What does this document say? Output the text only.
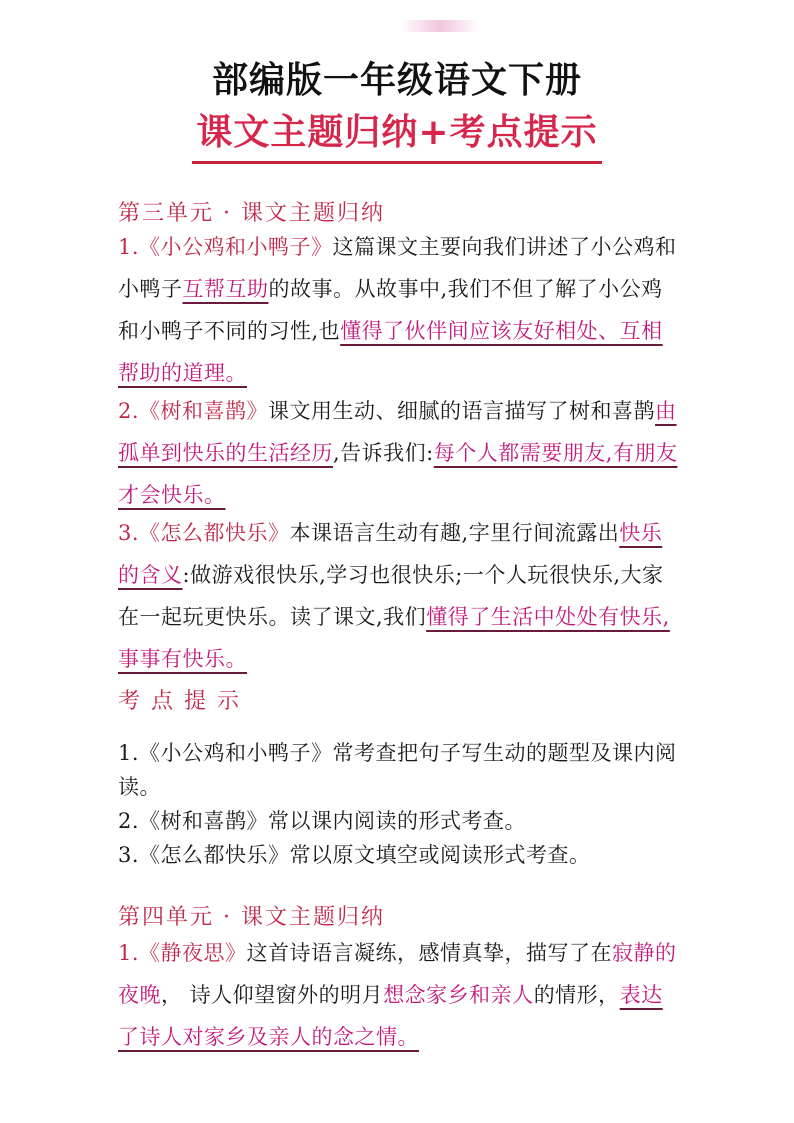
部编版一年级语文下册
课文主题归纳+考点提示
第三单元 · 课文主题归纳
1.《小公鸡和小鸭子》这篇课文主要向我们讲述了小公鸡和小鸭子互帮互助的故事。从故事中,我们不但了解了小公鸡和小鸭子不同的习性,也懂得了伙伴间应该友好相处、互相帮助的道理。
2.《树和喜鹊》课文用生动、细腻的语言描写了树和喜鹊由孤单到快乐的生活经历,告诉我们:每个人都需要朋友,有朋友才会快乐。
3.《怎么都快乐》本课语言生动有趣,字里行间流露出快乐的含义:做游戏很快乐,学习也很快乐;一个人玩很快乐,大家在一起玩更快乐。读了课文,我们懂得了生活中处处有快乐,事事有快乐。
考 点 提 示
1.《小公鸡和小鸭子》常考查把句子写生动的题型及课内阅读。
2.《树和喜鹊》常以课内阅读的形式考查。
3.《怎么都快乐》常以原文填空或阅读形式考查。
第四单元 · 课文主题归纳
1.《静夜思》这首诗语言凝练，感情真挚，描写了在寂静的夜晚， 诗人仰望窗外的明月想念家乡和亲人的情形，表达了诗人对家乡及亲人的念之情。
